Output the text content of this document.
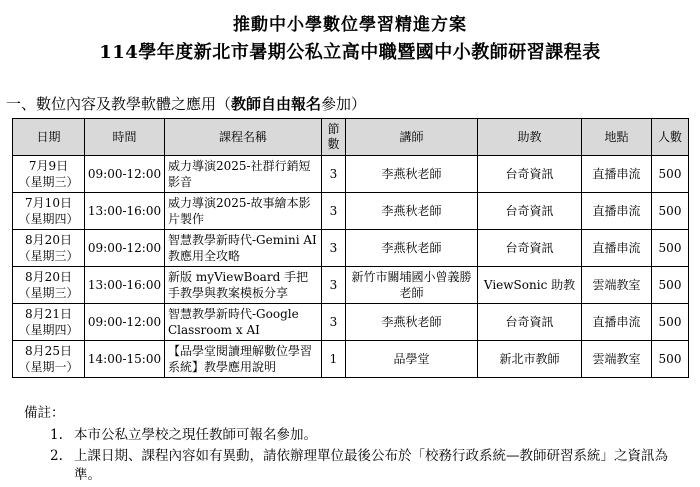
推動中小學數位學習精進方案
114學年度新北市暑期公私立高中職暨國中小教師研習課程表
一、數位內容及教學軟體之應用（教師自由報名參加）
日期	時間	課程名稱	節數	講師	助教	地點	人數

7月9日
（星期三）	09:00-12:00	威力導演2025-社群行銷短影音	3	李燕秋老師	台奇資訊	直播串流	500

7月10日
（星期四）	13:00-16:00	威力導演2025-故事繪本影片製作	3	李燕秋老師	台奇資訊	直播串流	500

8月20日
（星期三）	09:00-12:00	智慧教學新時代-Gemini AI 教應用全攻略	3	李燕秋老師	台奇資訊	直播串流	500

8月20日
（星期三）	13:00-16:00	新版 myViewBoard 手把手教學與教案模板分享	3	新竹市關埔國小曾義勝老師	ViewSonic 助教	雲端教室	500

8月21日
（星期四）	09:00-12:00	智慧教學新時代-Google Classroom x AI	3	李燕秋老師	台奇資訊	直播串流	500

8月25日
（星期一）	14:00-15:00	【品學堂閱讀理解數位學習系統】教學應用說明	1	品學堂	新北市教師	雲端教室	500
備註：
1. 本市公私立學校之現任教師可報名參加。
2. 上課日期、課程內容如有異動，請依辦理單位最後公布於「校務行政系統—教師研習系統」之資訊為準。
